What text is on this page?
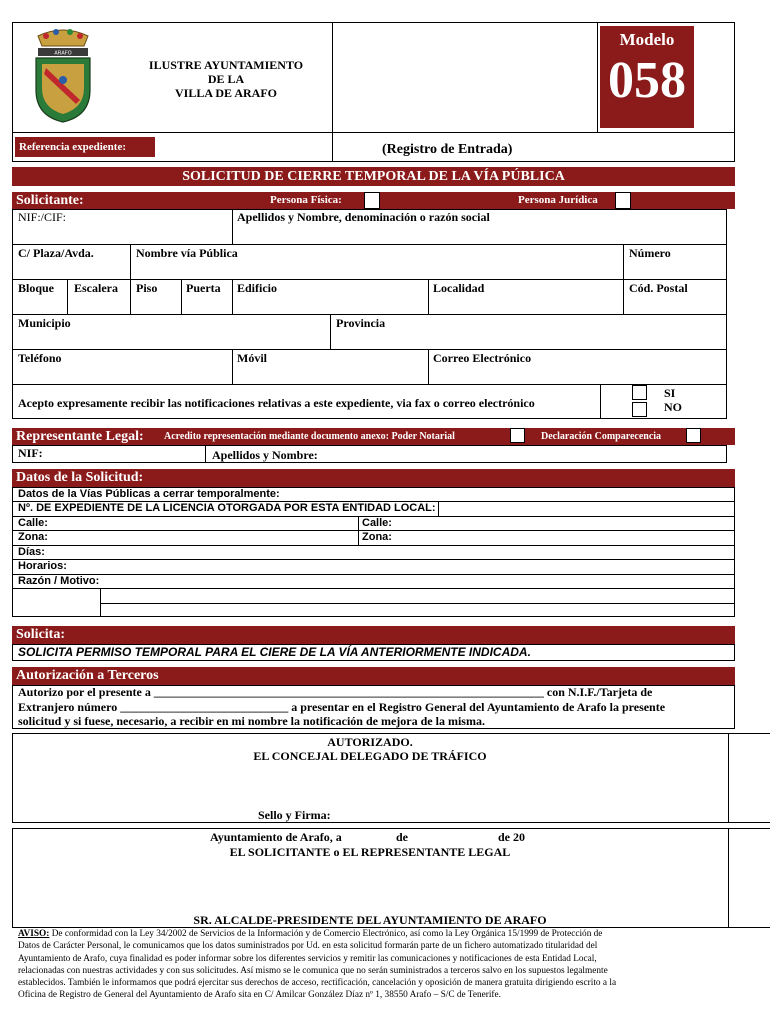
ARAFO
ILUSTRE AYUNTAMIENTO
DE LA
VILLA DE ARAFO
Modelo
058
Referencia expediente:	(Registro de Entrada)
SOLICITUD DE CIERRE TEMPORAL DE LA VÍA PÚBLICA
Solicitante:	Persona Física:	Persona Jurídica
NIF:/CIF:	Apellidos y Nombre, denominación o razón social
C/ Plaza/Avda.	Nombre vía Pública	Número
Bloque Escalera Piso Puerta Edificio	Localidad	Cód. Postal
Municipio	Provincia
Teléfono	Móvil	Correo Electrónico
Acepto expresamente recibir las notificaciones relativas a este expediente, via fax o correo electrónico
SI
NO
Representante Legal: Acredito representación mediante documento anexo: Poder Notarial	Declaración Comparecencia
NIF:	Apellidos y Nombre:
Datos de la Solicitud:
Datos de la Vías Públicas a cerrar temporalmente:
Nº. DE EXPEDIENTE DE LA LICENCIA OTORGADA POR ESTA ENTIDAD LOCAL:
Calle:	Calle:
Zona:	Zona:
Días:
Horarios:
Razón / Motivo:
Solicita:
SOLICITA PERMISO TEMPORAL PARA EL CIERE DE LA VÍA ANTERIORMENTE INDICADA.
Autorización a Terceros
Autorizo por el presente a _________________________________________________________________ con N.I.F./Tarjeta de
Extranjero número ____________________________ a presentar en el Registro General del Ayuntamiento de Arafo la presente
solicitud y si fuese, necesario, a recibir en mi nombre la notificación de mejora de la misma.
AUTORIZADO.
EL CONCEJAL DELEGADO DE TRÁFICO
Sello y Firma:
Ayuntamiento de Arafo, a	de	de 20
EL SOLICITANTE o EL REPRESENTANTE LEGAL
SR. ALCALDE-PRESIDENTE DEL AYUNTAMIENTO DE ARAFO
AVISO: De conformidad con la Ley 34/2002 de Servicios de la Información y de Comercio Electrónico, así como la Ley Orgánica 15/1999 de Protección de
Datos de Carácter Personal, le comunicamos que los datos suministrados por Ud. en esta solicitud formarán parte de un fichero automatizado titularidad del
Ayuntamiento de Arafo, cuya finalidad es poder informar sobre los diferentes servicios y remitir las comunicaciones y notificaciones de esta Entidad Local,
relacionadas con nuestras actividades y con sus solicitudes. Así mismo se le comunica que no serán suministrados a terceros salvo en los supuestos legalmente
establecidos. También le informamos que podrá ejercitar sus derechos de acceso, rectificación, cancelación y oposición de manera gratuita dirigiendo escrito a la
Oficina de Registro de General del Ayuntamiento de Arafo sita en C/ Amilcar González Díaz nº 1, 38550 Arafo – S/C de Tenerife.
